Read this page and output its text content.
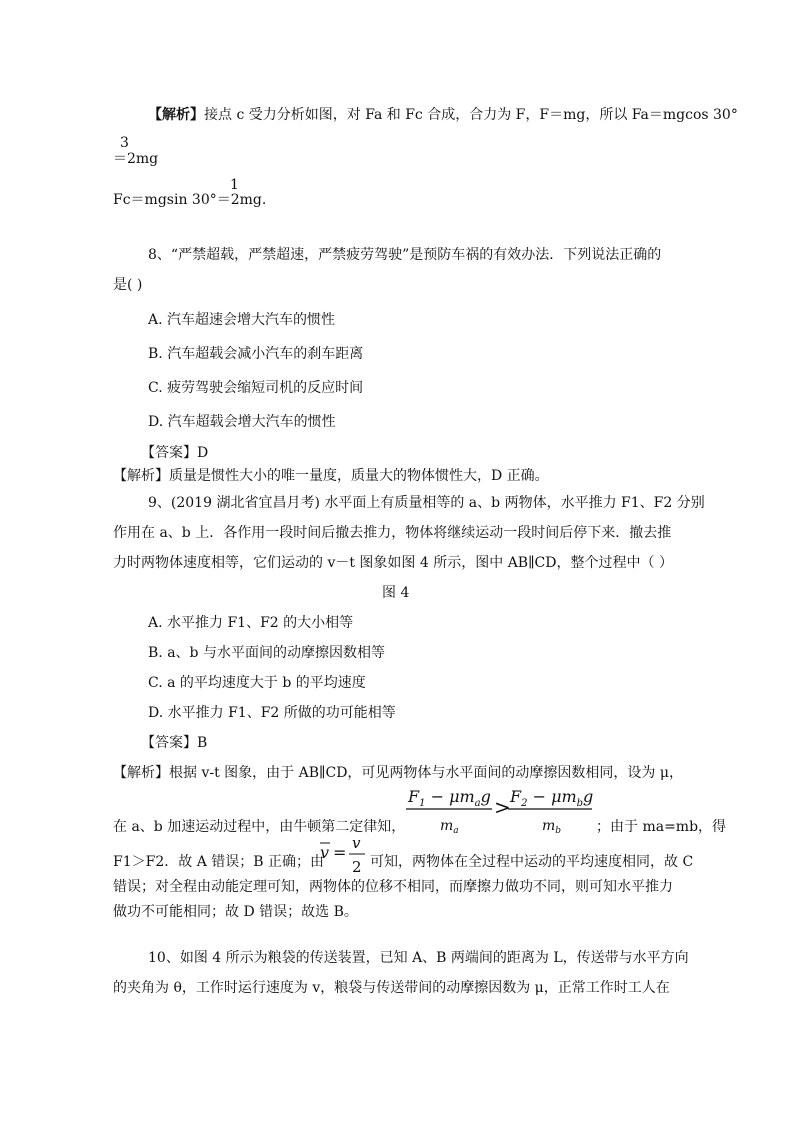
【解析】接点 c 受力分析如图，对 Fa 和 Fc 合成，合力为 F，F＝mg，所以 Fa＝mgcos 30°
3
＝2mg
1
Fc＝mgsin 30°＝2mg.
8、“严禁超载，严禁超速，严禁疲劳驾驶”是预防车祸的有效办法．下列说法正确的
是( )
A. 汽车超速会增大汽车的惯性
B. 汽车超载会减小汽车的刹车距离
C. 疲劳驾驶会缩短司机的反应时间
D. 汽车超载会增大汽车的惯性
【答案】D
【解析】质量是惯性大小的唯一量度，质量大的物体惯性大，D 正确。
9、(2019 湖北省宜昌月考) 水平面上有质量相等的 a、b 两物体，水平推力 F1、F2 分别
作用在 a、b 上．各作用一段时间后撤去推力，物体将继续运动一段时间后停下来．撤去推
力时两物体速度相等，它们运动的 v－t 图象如图 4 所示，图中 AB∥CD，整个过程中（ ）
图 4
A. 水平推力 F1、F2 的大小相等
B. a、b 与水平面间的动摩擦因数相等
C. a 的平均速度大于 b 的平均速度
D. 水平推力 F1、F2 所做的功可能相等
【答案】B
【解析】根据 v-t 图象，由于 AB∥CD，可见两物体与水平面间的动摩擦因数相同，设为 μ，
$F_1 - \mu m_ag$
$m_a$
> $F_2 - \mu m_bg$
$m_b$
在 a、b 加速运动过程中，由牛顿第二定律知，	；由于 ma=mb，得
v = v
2
F1＞F2．故 A 错误；B 正确；由	可知，两物体在全过程中运动的平均速度相同，故 C
错误；对全程由动能定理可知，两物体的位移不相同，而摩擦力做功不同，则可知水平推力
做功不可能相同；故 D 错误；故选 B。
10、如图 4 所示为粮袋的传送装置，已知 A、B 两端间的距离为 L，传送带与水平方向
的夹角为 θ，工作时运行速度为 v，粮袋与传送带间的动摩擦因数为 μ，正常工作时工人在
